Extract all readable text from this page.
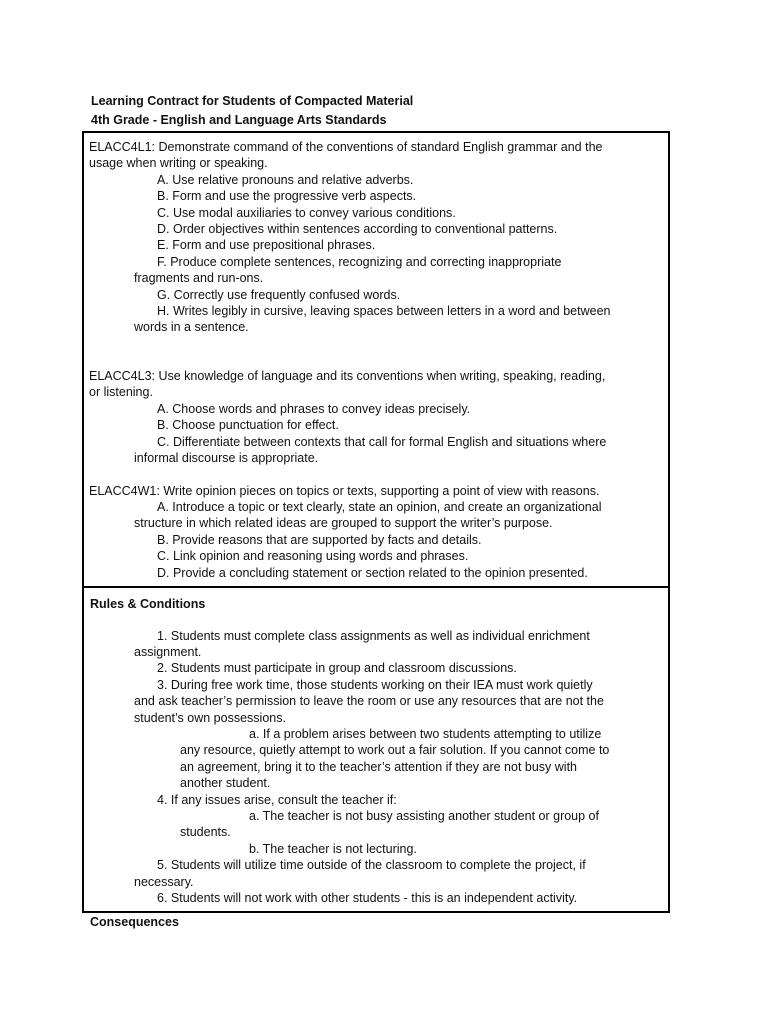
Learning Contract for Students of Compacted Material
4th Grade - English and Language Arts Standards
ELACC4L1: Demonstrate command of the conventions of standard English grammar and the
usage when writing or speaking.
A. Use relative pronouns and relative adverbs.
B. Form and use the progressive verb aspects.
C. Use modal auxiliaries to convey various conditions.
D. Order objectives within sentences according to conventional patterns.
E. Form and use prepositional phrases.
F. Produce complete sentences, recognizing and correcting inappropriate
fragments and run-ons.
G. Correctly use frequently confused words.
H. Writes legibly in cursive, leaving spaces between letters in a word and between
words in a sentence.
ELACC4L3: Use knowledge of language and its conventions when writing, speaking, reading,
or listening.
A. Choose words and phrases to convey ideas precisely.
B. Choose punctuation for effect.
C. Differentiate between contexts that call for formal English and situations where
informal discourse is appropriate.
ELACC4W1: Write opinion pieces on topics or texts, supporting a point of view with reasons.
A. Introduce a topic or text clearly, state an opinion, and create an organizational
structure in which related ideas are grouped to support the writer’s purpose.
B. Provide reasons that are supported by facts and details.
C. Link opinion and reasoning using words and phrases.
D. Provide a concluding statement or section related to the opinion presented.
Rules & Conditions
1. Students must complete class assignments as well as individual enrichment
assignment.
2. Students must participate in group and classroom discussions.
3. During free work time, those students working on their IEA must work quietly
and ask teacher’s permission to leave the room or use any resources that are not the
student’s own possessions.
a. If a problem arises between two students attempting to utilize
any resource, quietly attempt to work out a fair solution. If you cannot come to
an agreement, bring it to the teacher’s attention if they are not busy with
another student.
4. If any issues arise, consult the teacher if:
a. The teacher is not busy assisting another student or group of
students.
b. The teacher is not lecturing.
5. Students will utilize time outside of the classroom to complete the project, if
necessary.
6. Students will not work with other students - this is an independent activity.
Consequences
